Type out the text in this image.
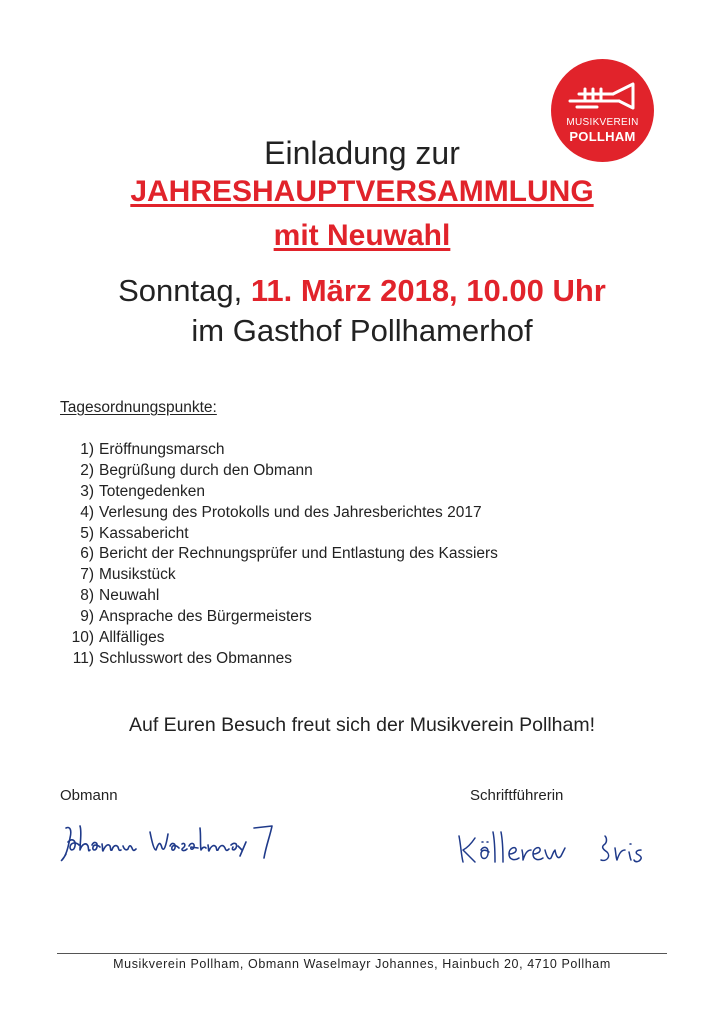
MUSIKVEREIN
POLLHAM
Einladung zur
JAHRESHAUPTVERSAMMLUNG
mit Neuwahl
Sonntag, 11. März 2018, 10.00 Uhr
im Gasthof Pollhamerhof
Tagesordnungspunkte:
1) Eröffnungsmarsch
2) Begrüßung durch den Obmann
3) Totengedenken
4) Verlesung des Protokolls und des Jahresberichtes 2017
5) Kassabericht
6) Bericht der Rechnungsprüfer und Entlastung des Kassiers
7) Musikstück
8) Neuwahl
9) Ansprache des Bürgermeisters
10) Allfälliges
11) Schlusswort des Obmannes
Auf Euren Besuch freut sich der Musikverein Pollham!
Obmann	Schriftführerin
Musikverein Pollham, Obmann Waselmayr Johannes, Hainbuch 20, 4710 Pollham
